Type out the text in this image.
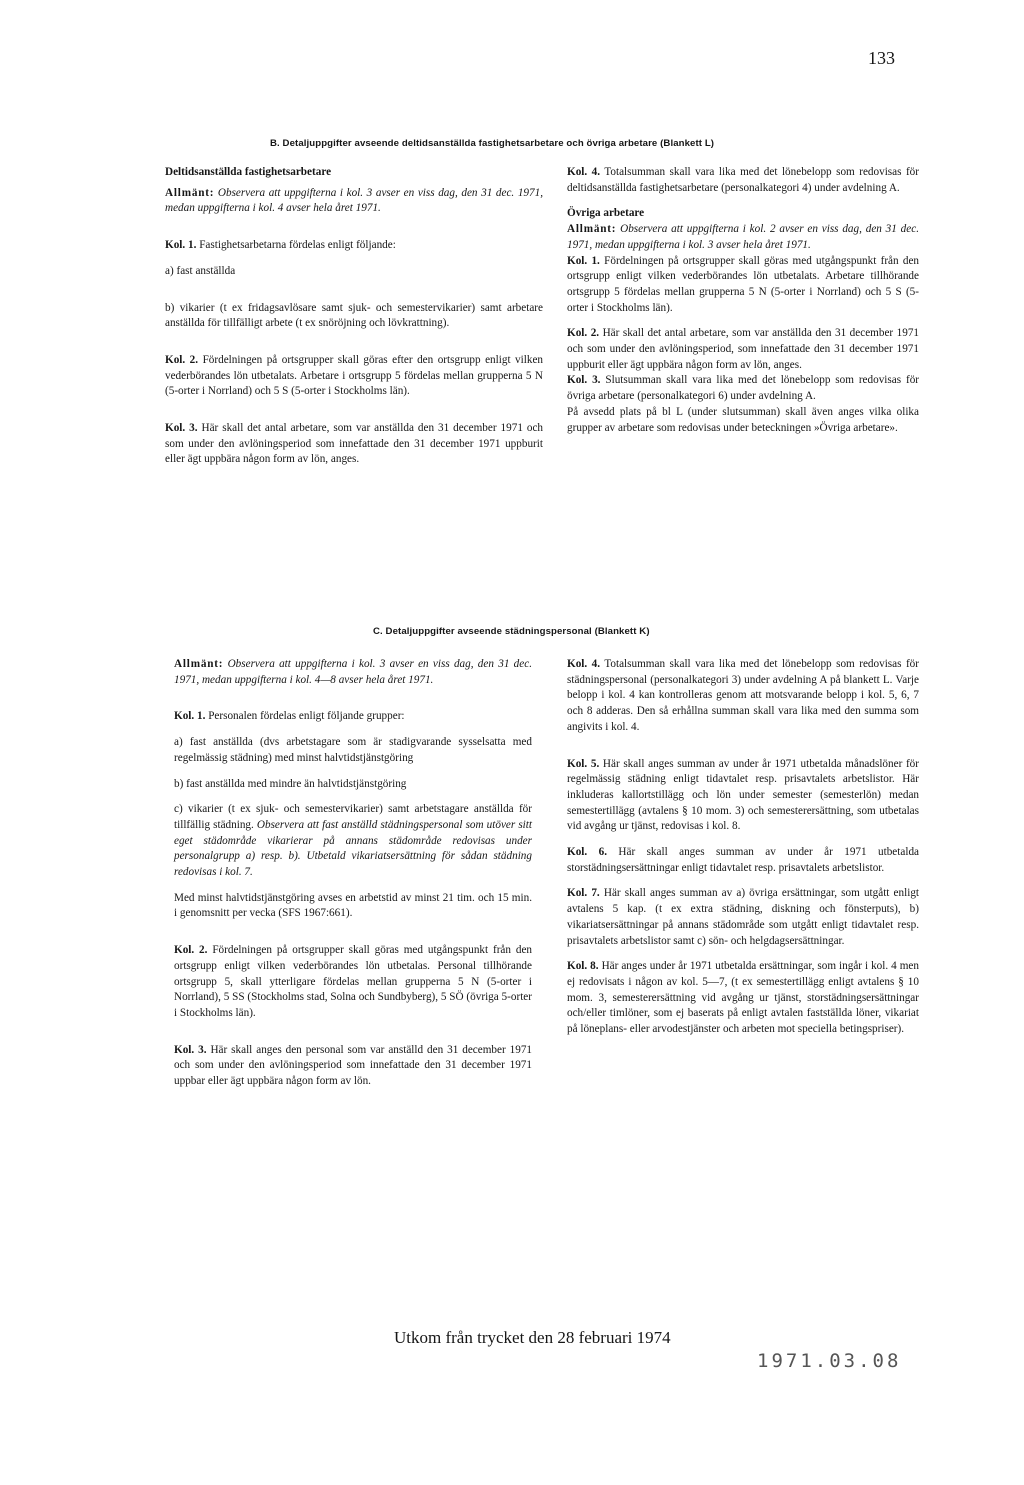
133
B. Detaljuppgifter avseende deltidsanställda fastighetsarbetare och övriga arbetare (Blankett L)

Deltidsanställda fastighetsarbetare

Allmänt: Observera att uppgifterna i kol. 3 avser en viss dag, den 31 dec. 1971, medan uppgifterna i kol. 4 avser hela året 1971.

Kol. 1. Fastighetsarbetarna fördelas enligt följande:

a) fast anställda

b) vikarier (t ex fridagsavlösare samt sjuk- och semestervikarier) samt arbetare anställda för tillfälligt arbete (t ex snöröjning och lövkrattning).

Kol. 2. Fördelningen på ortsgrupper skall göras efter den ortsgrupp enligt vilken vederbörandes lön utbetalats. Arbetare i ortsgrupp 5 fördelas mellan grupperna 5 N (5-orter i Norrland) och 5 S (5-orter i Stockholms län).

Kol. 3. Här skall det antal arbetare, som var anställda den 31 december 1971 och som under den avlöningsperiod som innefattade den 31 december 1971 uppburit eller ägt uppbära någon form av lön, anges.

Kol. 4. Totalsumman skall vara lika med det lönebelopp som redovisas för deltidsanställda fastighetsarbetare (personalkategori 4) under avdelning A.

Övriga arbetare

Allmänt: Observera att uppgifterna i kol. 2 avser en viss dag, den 31 dec. 1971, medan uppgifterna i kol. 3 avser hela året 1971.

Kol. 1. Fördelningen på ortsgrupper skall göras med utgångspunkt från den ortsgrupp enligt vilken vederbörandes lön utbetalats. Arbetare tillhörande ortsgrupp 5 fördelas mellan grupperna 5 N (5-orter i Norrland) och 5 S (5-orter i Stockholms län).

Kol. 2. Här skall det antal arbetare, som var anställda den 31 december 1971 och som under den avlöningsperiod, som innefattade den 31 december 1971 uppburit eller ägt uppbära någon form av lön, anges.

Kol. 3. Slutsumman skall vara lika med det lönebelopp som redovisas för övriga arbetare (personalkategori 6) under avdelning A.

På avsedd plats på bl L (under slutsumman) skall även anges vilka olika grupper av arbetare som redovisas under beteckningen »Övriga arbetare».

C. Detaljuppgifter avseende städningspersonal (Blankett K)

Allmänt: Observera att uppgifterna i kol. 3 avser en viss dag, den 31 dec. 1971, medan uppgifterna i kol. 4—8 avser hela året 1971.

Kol. 1. Personalen fördelas enligt följande grupper:

a) fast anställda (dvs arbetstagare som är stadigvarande sysselsatta med regelmässig städning) med minst halvtidstjänstgöring

b) fast anställda med mindre än halvtidstjänstgöring

c) vikarier (t ex sjuk- och semestervikarier) samt arbetstagare anställda för tillfällig städning. Observera att fast anställd städningspersonal som utöver sitt eget städområde vikarierar på annans städområde redovisas under personalgrupp a) resp. b). Utbetald vikariatsersättning för sådan städning redovisas i kol. 7.

Med minst halvtidstjänstgöring avses en arbetstid av minst 21 tim. och 15 min. i genomsnitt per vecka (SFS 1967:661).

Kol. 2. Fördelningen på ortsgrupper skall göras med utgångspunkt från den ortsgrupp enligt vilken vederbörandes lön utbetalas. Personal tillhörande ortsgrupp 5, skall ytterligare fördelas mellan grupperna 5 N (5-orter i Norrland), 5 SS (Stockholms stad, Solna och Sundbyberg), 5 SÖ (övriga 5-orter i Stockholms län).

Kol. 3. Här skall anges den personal som var anställd den 31 december 1971 och som under den avlöningsperiod som innefattade den 31 december 1971 uppbar eller ägt uppbära någon form av lön.

Kol. 4. Totalsumman skall vara lika med det lönebelopp som redovisas för städningspersonal (personalkategori 3) under avdelning A på blankett L. Varje belopp i kol. 4 kan kontrolleras genom att motsvarande belopp i kol. 5, 6, 7 och 8 adderas. Den så erhållna summan skall vara lika med den summa som angivits i kol. 4.

Kol. 5. Här skall anges summan av under år 1971 utbetalda månadslöner för regelmässig städning enligt tidavtalet resp. prisavtalets arbetslistor. Här inkluderas kallortstillägg och lön under semester (semesterlön) medan semestertillägg (avtalens § 10 mom. 3) och semesterersättning, som utbetalas vid avgång ur tjänst, redovisas i kol. 8.

Kol. 6. Här skall anges summan av under år 1971 utbetalda storstädningsersättningar enligt tidavtalet resp. prisavtalets arbetslistor.

Kol. 7. Här skall anges summan av a) övriga ersättningar, som utgått enligt avtalens 5 kap. (t ex extra städning, diskning och fönsterputs), b) vikariatsersättningar på annans städområde som utgått enligt tidavtalet resp. prisavtalets arbetslistor samt c) sön- och helgdagsersättningar.

Kol. 8. Här anges under år 1971 utbetalda ersättningar, som ingår i kol. 4 men ej redovisats i någon av kol. 5—7, (t ex semestertillägg enligt avtalens § 10 mom. 3, semesterersättning vid avgång ur tjänst, storstädningsersättningar och/eller timlöner, som ej baserats på enligt avtalen fastställda löner, vikariat på löneplans- eller arvodestjänster och arbeten mot speciella betingspriser).

Utkom från trycket den 28 februari 1974
1971.03.08
